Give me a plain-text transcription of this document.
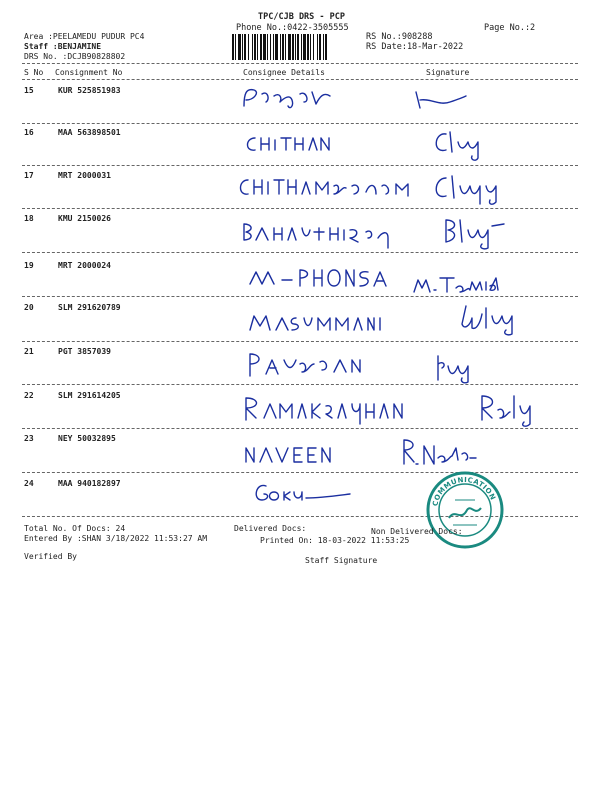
TPC/CJB DRS - PCP
Phone No.:0422-3505555	Page No.:2
Area :PEELAMEDU PUDUR PC4
Staff :BENJAMINE
DRS No. :DCJB90828802
RS No.:908288
RS Date:18-Mar-2022
S No Consignment No	Consignee Details	Signature
15	KUR 525851983
16	MAA 563898501
17	MRT 2000031
18	KMU 2150026
19	MRT 2000024
20	SLM 291620789
21	PGT 3857039
22	SLM 291614205
23	NEY 50032895
24	MAA 940182897
COMMUNICATION
Total No. Of Docs: 24	Delivered Docs:	Non Delivered Docs:
Entered By :SHAN 3/18/2022 11:53:27 AM	Printed On: 18-03-2022 11:53:25
Verified By	Staff Signature
